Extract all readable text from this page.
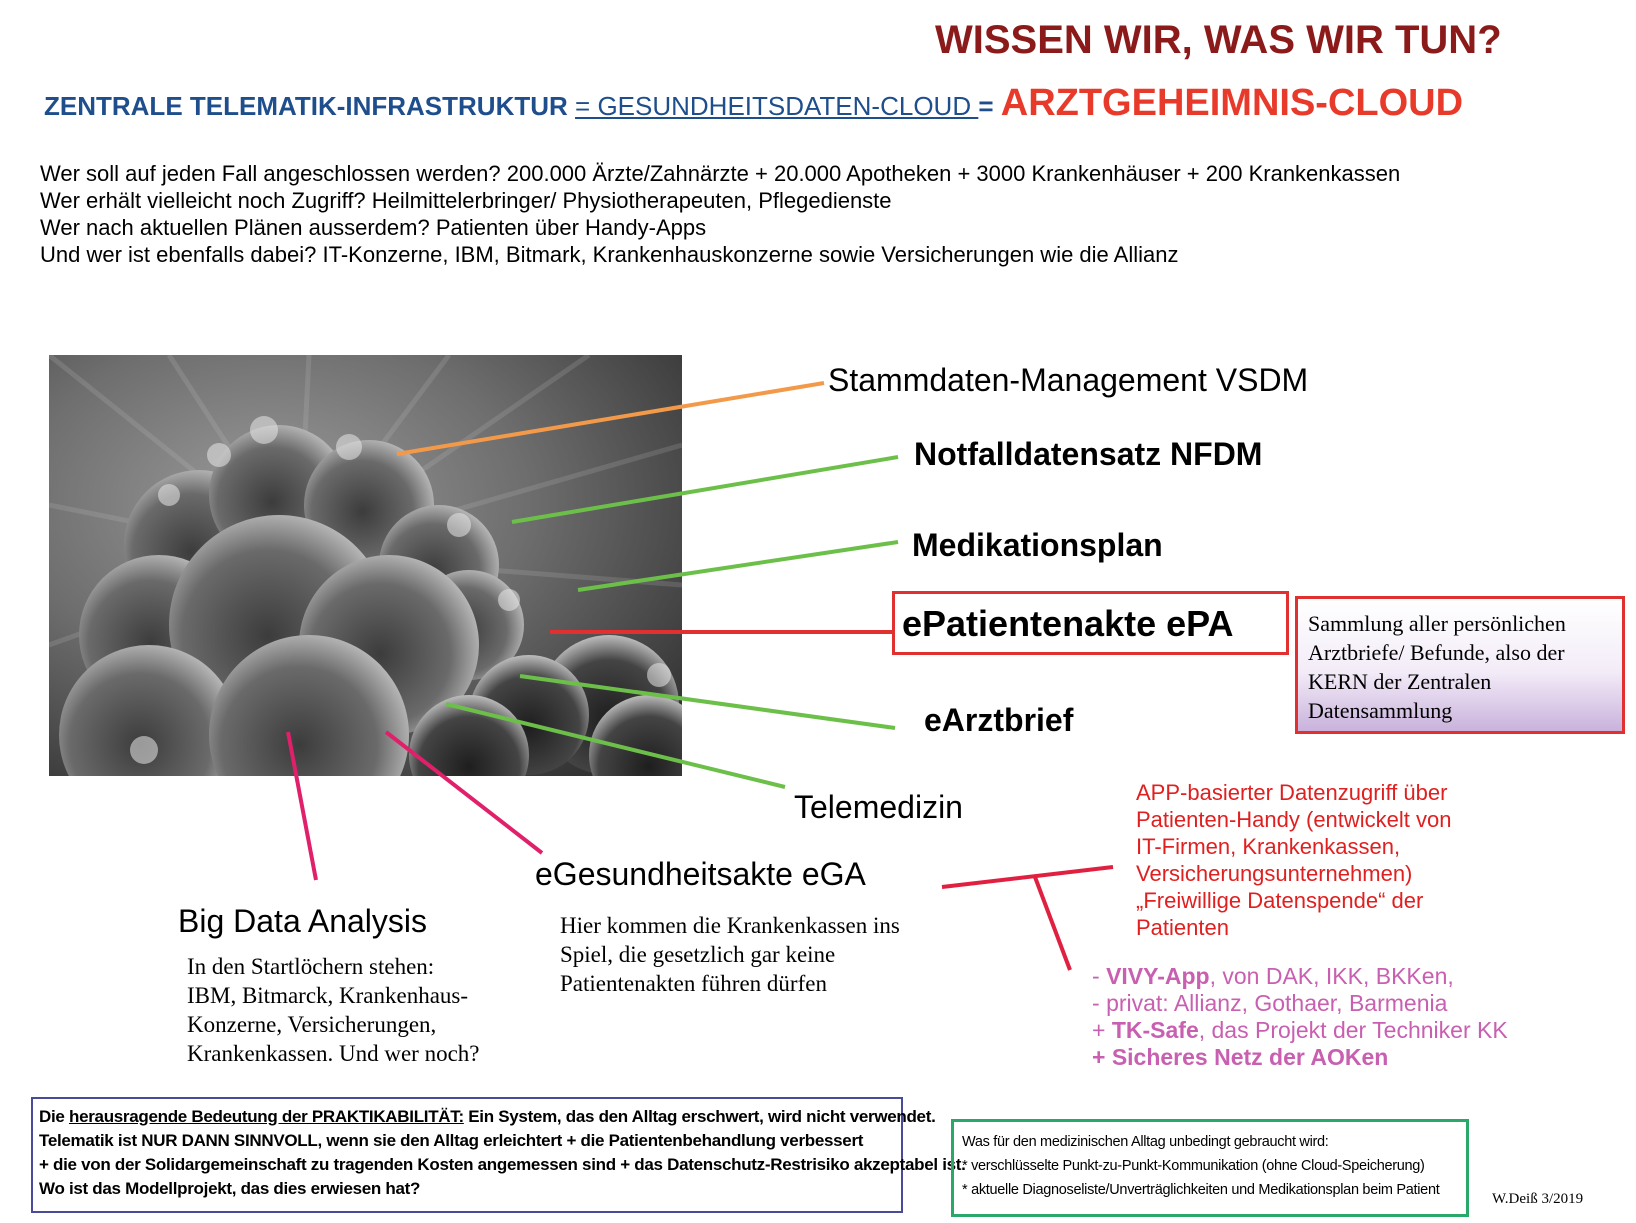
WISSEN WIR, WAS WIR TUN?
ZENTRALE TELEMATIK-INFRASTRUKTUR = GESUNDHEITSDATEN-CLOUD = ARZTGEHEIMNIS-CLOUD
Wer soll auf jeden Fall angeschlossen werden? 200.000 Ärzte/Zahnärzte + 20.000 Apotheken + 3000 Krankenhäuser + 200 Krankenkassen
Wer erhält vielleicht noch Zugriff? Heilmittelerbringer/ Physiotherapeuten, Pflegedienste
Wer nach aktuellen Plänen ausserdem? Patienten über Handy-Apps
Und wer ist ebenfalls dabei? IT-Konzerne, IBM, Bitmark, Krankenhauskonzerne sowie Versicherungen wie die Allianz
Stammdaten-Management VSDM
Notfalldatensatz NFDM
Medikationsplan
ePatientenakte ePA	Sammlung aller persönlichen
Arztbriefe/ Befunde, also der
KERN der Zentralen
Datensammlung
eArztbrief
Telemedizin
eGesundheitsakte eGA
Big Data Analysis
In den Startlöchern stehen:
IBM, Bitmarck, Krankenhaus-
Konzerne, Versicherungen,
Krankenkassen. Und wer noch?
Hier kommen die Krankenkassen ins
Spiel, die gesetzlich gar keine
Patientenakten führen dürfen
APP-basierter Datenzugriff über
Patienten-Handy (entwickelt von
IT-Firmen, Krankenkassen,
Versicherungsunternehmen)
„Freiwillige Datenspende“ der
Patienten
- VIVY-App, von DAK, IKK, BKKen,
- privat: Allianz, Gothaer, Barmenia
+ TK-Safe, das Projekt der Techniker KK
+ Sicheres Netz der AOKen
Die herausragende Bedeutung der PRAKTIKABILITÄT: Ein System, das den Alltag erschwert, wird nicht verwendet.
Telematik ist NUR DANN SINNVOLL, wenn sie den Alltag erleichtert + die Patientenbehandlung verbessert
+ die von der Solidargemeinschaft zu tragenden Kosten angemessen sind + das Datenschutz-Restrisiko akzeptabel ist.
Wo ist das Modellprojekt, das dies erwiesen hat?
Was für den medizinischen Alltag unbedingt gebraucht wird:
* verschlüsselte Punkt-zu-Punkt-Kommunikation (ohne Cloud-Speicherung)
* aktuelle Diagnoseliste/Unverträglichkeiten und Medikationsplan beim Patient
W.Deiß 3/2019
